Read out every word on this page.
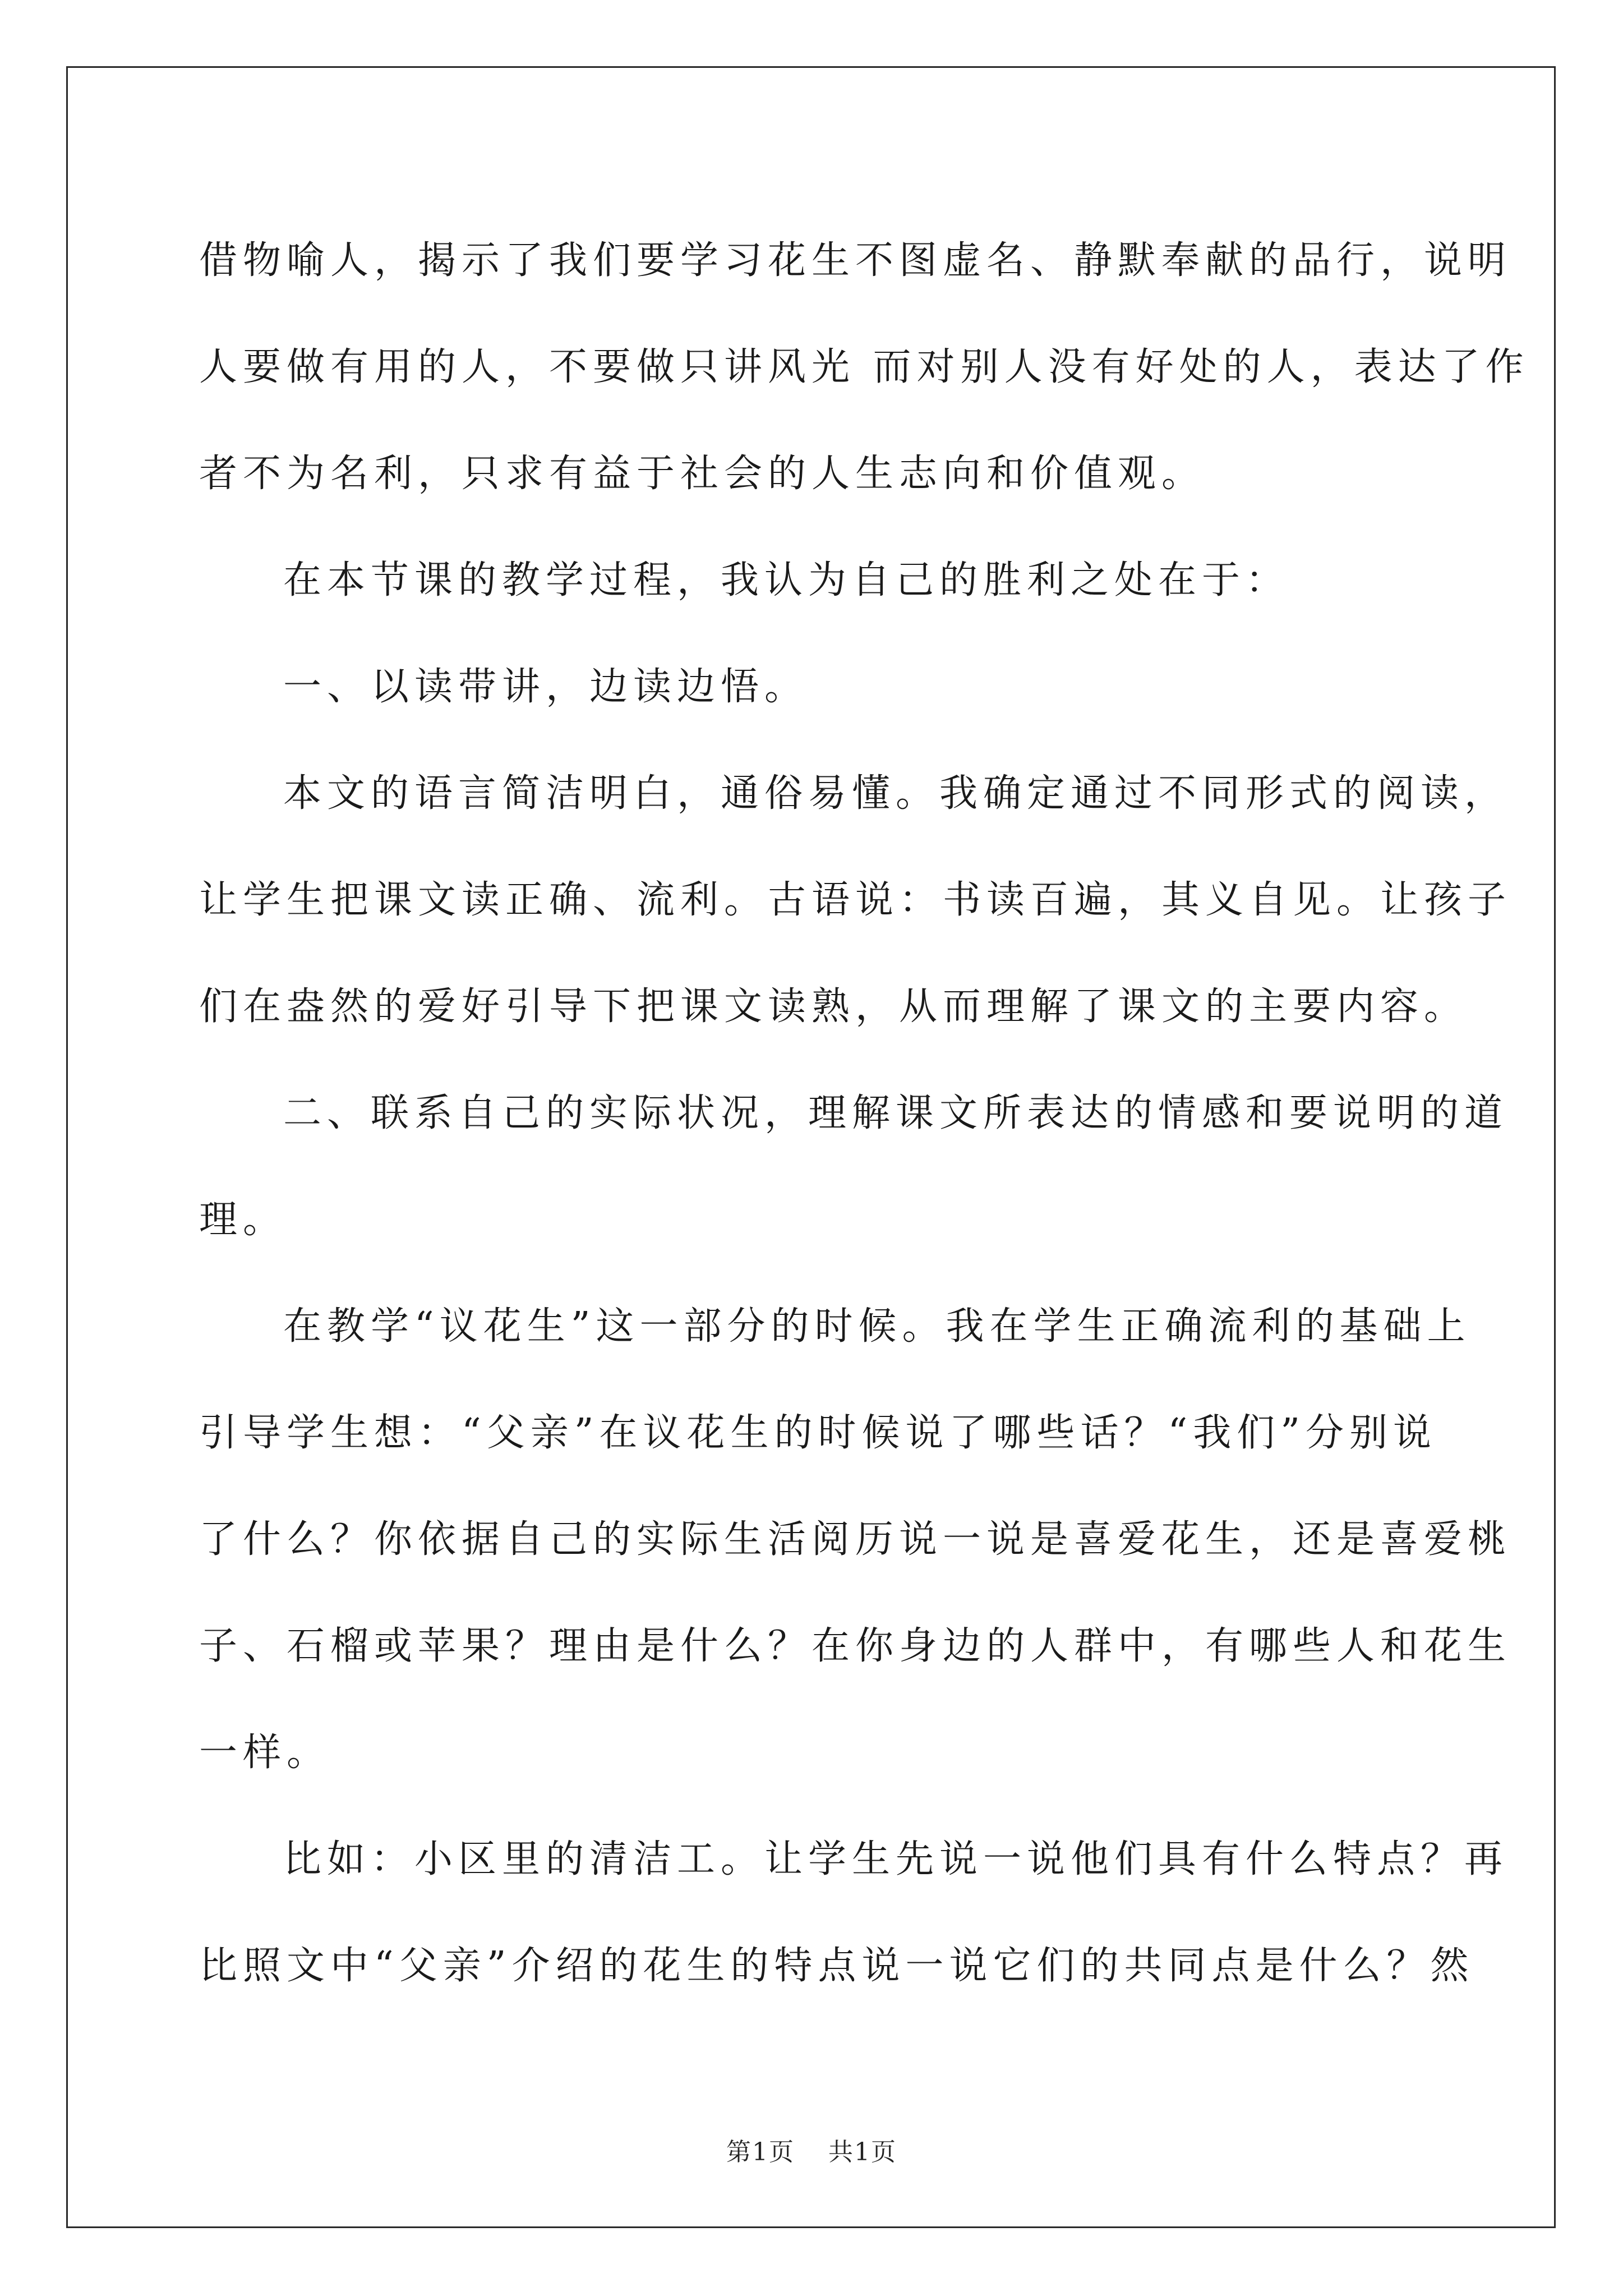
借物喻人，揭示了我们要学习花生不图虚名、静默奉献的品行，说明
人要做有用的人，不要做只讲风光 而对别人没有好处的人，表达了作
者不为名利，只求有益于社会的人生志向和价值观。
在本节课的教学过程，我认为自己的胜利之处在于：
一、以读带讲，边读边悟。
本文的语言简洁明白，通俗易懂。我确定通过不同形式的阅读，
让学生把课文读正确、流利。古语说：书读百遍，其义自见。让孩子
们在盎然的爱好引导下把课文读熟，从而理解了课文的主要内容。
二、联系自己的实际状况，理解课文所表达的情感和要说明的道
理。
在教学“议花生”这一部分的时候。我在学生正确流利的基础上
引导学生想：“父亲”在议花生的时候说了哪些话？“我们”分别说
了什么？你依据自己的实际生活阅历说一说是喜爱花生，还是喜爱桃
子、石榴或苹果？理由是什么？在你身边的人群中，有哪些人和花生
一样。
比如：小区里的清洁工。让学生先说一说他们具有什么特点？再
比照文中“父亲”介绍的花生的特点说一说它们的共同点是什么？然
第1页 共1页
